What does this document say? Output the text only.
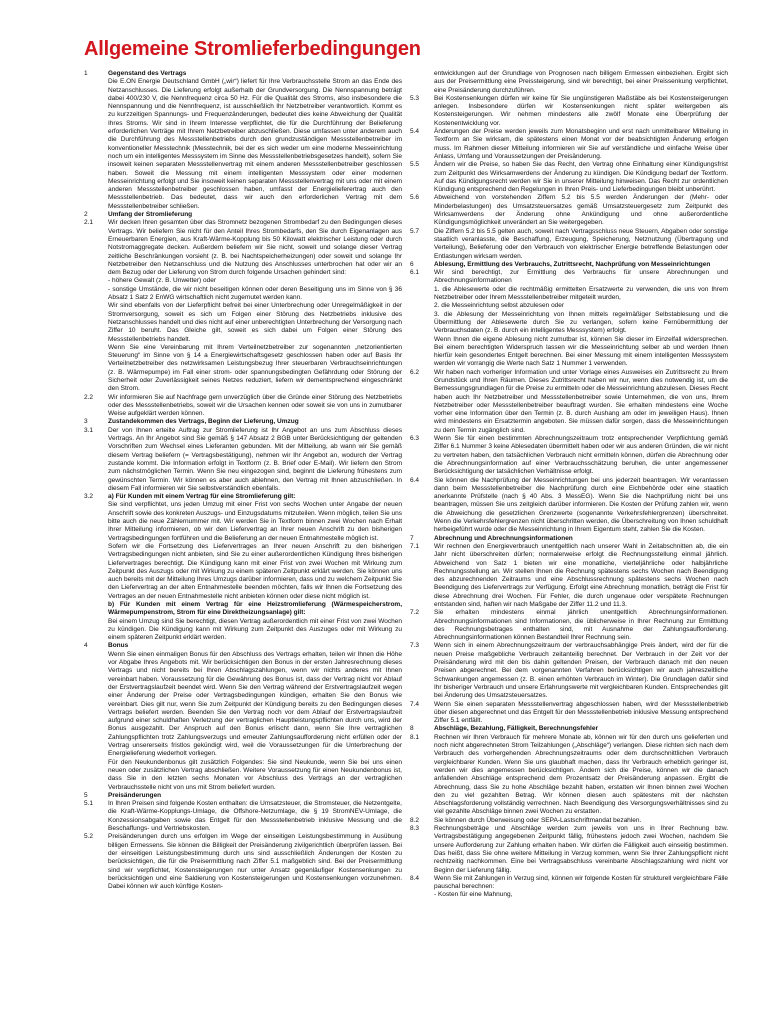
Allgemeine Stromlieferbedingungen
1	Gegenstand des Vertrags

Die E.ON Energie Deutschland GmbH („wir“) liefert für Ihre Verbrauchsstelle Strom an das Ende des Netzanschlusses. Die Lieferung erfolgt außerhalb der Grundversorgung. Die Nennspannung beträgt dabei 400/230 V, die Nennfrequenz circa 50 Hz. Für die Qualität des Stroms, also insbesondere die Nennspannung und die Nennfrequenz, ist ausschließlich Ihr Netzbetreiber verantwortlich. Kommt es zu kurzzeitigen Spannungs- und Frequenzänderungen, bedeutet dies keine Abweichung der Qualität Ihres Stroms. Wir sind in Ihrem Interesse verpflichtet, die für die Durchführung der Belieferung erforderlichen Verträge mit Ihrem Netzbetreiber abzuschließen. Diese umfassen unter anderem auch die Durchführung des Messstellenbetriebs durch den grundzuständigen Messstellenbetreiber im konventioneller Messtechnik (Messtechnik, bei der es sich weder um eine moderne Messeinrichtung noch um ein intelligentes Messsystem im Sinne des Messstellenbetriebsgesetzes handelt), sofern Sie insoweit keinen separaten Messstellenvertrag mit einem anderen Messstellenbetreiber geschlossen haben. Soweit die Messung mit einem intelligenten Messsystem oder einer modernen Messeinrichtung erfolgt und Sie insoweit keinen separaten Messstellenvertrag mit uns oder mit einem anderen Messstellenbetreiber geschlossen haben, umfasst der Energielieferertrag auch den Messstellenbetrieb. Das bedeutet, dass wir auch den erforderlichen Vertrag mit dem Messstellenbetreiber schließen.

2	Umfang der Stromlieferung

2.1	Wir decken Ihren gesamten über das Stromnetz bezogenen Strombedarf zu den Bedingungen dieses Vertrags. Wir beliefern Sie nicht für den Anteil Ihres Strombedarfs, den Sie durch Eigenanlagen aus Erneuerbaren Energien, aus Kraft-Wärme-Kopplung bis 50 Kilowatt elektrischer Leistung oder durch Notstromaggregate decken. Außerdem beliefern wir Sie nicht, soweit und solange dieser Vertrag zeitliche Beschränkungen vorsieht (z. B. bei Nachtspeicherheizungen) oder soweit und solange Ihr Netzbetreiber den Netzanschluss und die Nutzung des Anschlusses unterbrochen hat oder wir an dem Bezug oder der Lieferung von Strom durch folgende Ursachen gehindert sind:

- höhere Gewalt (z. B. Unwetter) oder

- sonstige Umstände, die wir nicht beseitigen können oder deren Beseitigung uns im Sinne von § 36 Absatz 1 Satz 2 EnWG wirtschaftlich nicht zugemutet werden kann.

Wir sind ebenfalls von der Lieferpflicht befreit bei einer Unterbrechung oder Unregelmäßigkeit in der Stromversorgung, soweit es sich um Folgen einer Störung des Netzbetriebs inklusive des Netzanschlusses handelt und dies nicht auf einer unberechtigten Unterbrechung der Versorgung nach Ziffer 10 beruht. Das Gleiche gilt, soweit es sich dabei um Folgen einer Störung des Messstellenbetriebs handelt.

Wenn Sie eine Vereinbarung mit Ihrem Verteilnetzbetreiber zur sogenannten „netzorientierten Steuerung“ im Sinne von § 14 a Energiewirtschaftsgesetz geschlossen haben oder auf Basis Ihr Verteilnetzbetreiber des netzwirksamen Leistungsbezug Ihrer steuerbaren Verbrauchseinrichtungen (z. B. Wärmepumpe) im Fall einer strom- oder spannungsbedingten Gefährdung oder Störung der Sicherheit oder Zuverlässigkeit seines Netzes reduziert, liefern wir dementsprechend eingeschränkt den Strom.

2.2	Wir informieren Sie auf Nachfrage gern unverzüglich über die Gründe einer Störung des Netzbetriebs oder des Messstellenbetriebs, soweit wir die Ursachen kennen oder soweit sie von uns in zumutbarer Weise aufgeklärt werden können.

3	Zustandekommen des Vertrags, Beginn der Lieferung, Umzug

3.1	Der von Ihnen erteilte Auftrag zur Stromlieferung ist Ihr Angebot an uns zum Abschluss dieses Vertrags. An Ihr Angebot sind Sie gemäß § 147 Absatz 2 BGB unter Berücksichtigung der geltenden Vorschriften zum Wechsel eines Lieferanten gebunden. Mit der Mitteilung, ab wann wir Sie gemäß diesem Vertrag beliefern (= Vertragsbestätigung), nehmen wir Ihr Angebot an, wodurch der Vertrag zustande kommt. Die Information erfolgt in Textform (z. B. Brief oder E-Mail). Wir liefern den Strom zum nächstmöglichen Termin. Wenn Sie neu eingezogen sind, beginnt die Lieferung frühestens zum gewünschten Termin. Wir können es aber auch ablehnen, den Vertrag mit Ihnen abzuschließen. In diesem Fall informieren wir Sie selbstverständlich ebenfalls.

3.2	a) Für Kunden mit einem Vertrag für eine Stromlieferung gilt:

Sie sind verpflichtet, uns jeden Umzug mit einer Frist von sechs Wochen unter Angabe der neuen Anschrift sowie des konkreten Auszugs- und Einzugsdatums mitzuteilen. Wenn möglich, teilen Sie uns bitte auch die neue Zählernummer mit. Wir werden Sie in Textform binnen zwei Wochen nach Erhalt Ihrer Mitteilung informieren, ob wir den Liefervertrag an Ihrer neuen Anschrift zu den bisherigen Vertragsbedingungen fortführen und die Belieferung an der neuen Entnahmestelle möglich ist.

Sofern wir die Fortsetzung des Liefervertrages an Ihrer neuen Anschrift zu den bisherigen Vertragsbedingungen nicht anbieten, sind Sie zu einer außerordentlichen Kündigung Ihres bisherigen Liefervertrages berechtigt. Die Kündigung kann mit einer Frist von zwei Wochen mit Wirkung zum Zeitpunkt des Auszugs oder mit Wirkung zu einem späteren Zeitpunkt erklärt werden. Sie können uns auch bereits mit der Mitteilung Ihres Umzugs darüber informieren, dass und zu welchem Zeitpunkt Sie den Liefervertrag an der alten Entnahmestelle beenden möchten, falls wir Ihnen die Fortsetzung des Vertrages an der neuen Entnahmestelle nicht anbieten können oder diese nicht möglich ist.

b) Für Kunden mit einem Vertrag für eine Heizstromlieferung (Wärmespeicherstrom, Wärmepumpenstrom, Strom für eine Direktheizungsanlage) gilt:

Bei einem Umzug sind Sie berechtigt, diesen Vertrag außerordentlich mit einer Frist von zwei Wochen zu kündigen. Die Kündigung kann mit Wirkung zum Zeitpunkt des Auszuges oder mit Wirkung zu einem späteren Zeitpunkt erklärt werden.

4	Bonus

Wenn Sie einen einmaligen Bonus für den Abschluss des Vertrags erhalten, teilen wir Ihnen die Höhe vor Abgabe Ihres Angebots mit. Wir berücksichtigen den Bonus in der ersten Jahresrechnung dieses Vertrags und nicht bereits bei Ihren Abschlagszahlungen, wenn wir nichts anderes mit Ihnen vereinbart haben. Voraussetzung für die Gewährung des Bonus ist, dass der Vertrag nicht vor Ablauf der Erstvertragslaufzeit beendet wird. Wenn Sie den Vertrag während der Erstvertragslaufzeit wegen einer Änderung der Preise oder Vertragsbedingungen kündigen, erhalten Sie den Bonus wie vereinbart. Dies gilt nur, wenn Sie zum Zeitpunkt der Kündigung bereits zu den Bedingungen dieses Vertrags beliefert werden. Beenden Sie den Vertrag noch vor dem Ablauf der Erstvertragslaufzeit aufgrund einer schuldhaften Verletzung der vertraglichen Hauptleistungspflichten durch uns, wird der Bonus ausgezahlt. Der Anspruch auf den Bonus erlischt dann, wenn Sie Ihre vertraglichen Zahlungspflichten trotz Zahlungsverzugs und erneuter Zahlungsaufforderung nicht erfüllen oder der Vertrag unsererseits fristlos gekündigt wird, weil die Voraussetzungen für die Unterbrechung der Energielieferung wiederholt vorliegen.

Für den Neukundenbonus gilt zusätzlich Folgendes: Sie sind Neukunde, wenn Sie bei uns einen neuen oder zusätzlichen Vertrag abschließen. Weitere Voraussetzung für einen Neukundenbonus ist, dass Sie in den letzten sechs Monaten vor Abschluss des Vertrags an der vertraglichen Verbrauchsstelle nicht von uns mit Strom beliefert wurden.

5	Preisänderungen

5.1	In Ihren Preisen sind folgende Kosten enthalten: die Umsatzsteuer, die Stromsteuer, die Netzentgelte, die Kraft-Wärme-Kopplungs-Umlage, die Offshore-Netzumlage, die § 19 StromNEV-Umlage, die Konzessionsabgaben sowie das Entgelt für den Messstellenbetrieb inklusive Messung und die Beschaffungs- und Vertriebskosten.

5.2	Preisänderungen durch uns erfolgen im Wege der einseitigen Leistungsbestimmung in Ausübung billigen Ermessens. Sie können die Billigkeit der Preisänderung zivilgerichtlich überprüfen lassen. Bei der einseitigen Leistungsbestimmung durch uns sind ausschließlich Änderungen der Kosten zu berücksichtigen, die für die Preisermittlung nach Ziffer 5.1 maßgeblich sind. Bei der Preisermittlung sind wir verpflichtet, Kostensteigerungen nur unter Ansatz gegenläufiger Kostensenkungen zu berücksichtigen und eine Saldierung von Kostensteigerungen und Kostensenkungen vorzunehmen. Dabei können wir auch künftige Kosten-

entwicklungen auf der Grundlage von Prognosen nach billigem Ermessen einbeziehen. Ergibt sich aus der Preisermittlung eine Preissteigerung, sind wir berechtigt, bei einer Preissenkung verpflichtet, eine Preisänderung durchzuführen.

5.3	Bei Kostensenkungen dürfen wir keine für Sie ungünstigeren Maßstäbe als bei Kostensteigerungen anlegen. Insbesondere dürfen wir Kostensenkungen nicht später weitergeben als Kostensteigerungen. Wir nehmen mindestens alle zwölf Monate eine Überprüfung der Kostenentwicklung vor.

5.4	Änderungen der Preise werden jeweils zum Monatsbeginn und erst nach unmittelbarer Mitteilung in Textform an Sie wirksam, die spätestens einen Monat vor der beabsichtigten Änderung erfolgen muss. Im Rahmen dieser Mitteilung informieren wir Sie auf verständliche und einfache Weise über Anlass, Umfang und Voraussetzungen der Preisänderung.

5.5	Ändern wir die Preise, so haben Sie das Recht, den Vertrag ohne Einhaltung einer Kündigungsfrist zum Zeitpunkt des Wirksamwerdens der Änderung zu kündigen. Die Kündigung bedarf der Textform. Auf das Kündigungsrecht werden wir Sie in unserer Mitteilung hinweisen. Das Recht zur ordentlichen Kündigung entsprechend den Regelungen in Ihren Preis- und Lieferbedingungen bleibt unberührt.

5.6	Abweichend von vorstehenden Ziffern 5.2 bis 5.5 werden Änderungen der (Mehr- oder Minderbelastungen) des Umsatzsteuersatzes gemäß Umsatzsteuergesetz zum Zeitpunkt des Wirksamwerdens der Änderung ohne Ankündigung und ohne außerordentliche Kündigungsmöglichkeit unverändert an Sie weitergegeben.

5.7	Die Ziffern 5.2 bis 5.5 gelten auch, soweit nach Vertragsschluss neue Steuern, Abgaben oder sonstige staatlich veranlasste, die Beschaffung, Erzeugung, Speicherung, Netznutzung (Übertragung und Verteilung), Belieferung oder den Verbrauch von elektrischer Energie betreffende Belastungen oder Entlastungen wirksam werden.

6	Ablesung, Ermittlung des Verbrauchs, Zutrittsrecht, Nachprüfung von Messeinrichtungen

6.1	Wir sind berechtigt, zur Ermittlung des Verbrauchs für unsere Abrechnungen und Abrechnungsinformationen

1. die Ablesewerte oder die rechtmäßig ermittelten Ersatzwerte zu verwenden, die uns von Ihrem Netzbetreiber oder Ihrem Messstellenbetreiber mitgeteilt wurden,

2. die Messeinrichtung selbst abzulesen oder

3. die Ablesung der Messeinrichtung von Ihnen mittels regelmäßiger Selbstablesung und die Übermittlung der Ablesewerte durch Sie zu verlangen, sofern keine Fernübermittlung der Verbrauchsdaten (z. B. durch ein intelligentes Messsystem) erfolgt.

Wenn Ihnen die eigene Ablesung nicht zumutbar ist, können Sie dieser im Einzelfall widersprechen. Bei einem berechtigten Widerspruch lassen wir die Messeinrichtung selber ab und werden Ihnen hierfür kein gesondertes Entgelt berechnen. Bei einer Messung mit einem intelligenten Messsystem werden wir vorrangig die Werte nach Satz 1 Nummer 1 verwenden.

6.2	Wir haben nach vorheriger Information und unter Vorlage eines Ausweises ein Zutrittsrecht zu Ihrem Grundstück und Ihren Räumen. Dieses Zutrittsrecht haben wir nur, wenn dies notwendig ist, um die Bemessungsgrundlagen für die Preise zu ermitteln oder die Messeinrichtung abzulesen. Dieses Recht haben auch Ihr Netzbetreiber und Messstellenbetreiber sowie Unternehmen, die von uns, Ihrem Netzbetreiber oder Messstellenbetreiber beauftragt wurden. Sie erhalten mindestens eine Woche vorher eine Information über den Termin (z. B. durch Aushang am oder im jeweiligen Haus). Ihnen wird mindestens ein Ersatztermin angeboten. Sie müssen dafür sorgen, dass die Messeinrichtungen zu dem Termin zugänglich sind.

6.3	Wenn Sie für einen bestimmten Abrechnungszeitraum trotz entsprechender Verpflichtung gemäß Ziffer 6.1 Nummer 3 keine Ablesedaten übermittelt haben oder wir aus anderen Gründen, die wir nicht zu vertreten haben, den tatsächlichen Verbrauch nicht ermitteln können, dürfen die Abrechnung oder die Abrechnungsinformation auf einer Verbrauchsschätzung beruhen, die unter angemessener Berücksichtigung der tatsächlichen Verhältnisse erfolgt.

6.4	Sie können die Nachprüfung der Messeinrichtungen bei uns jederzeit beantragen. Wir veranlassen dann beim Messstellenbetreiber die Nachprüfung durch eine Eichbehörde oder eine staatlich anerkannte Prüfstelle (nach § 40 Abs. 3 MessEG). Wenn Sie die Nachprüfung nicht bei uns beantragen, müssen Sie uns zeitgleich darüber informieren. Die Kosten der Prüfung zahlen wir, wenn die Abweichung die gesetzlichen Grenzwerte (sogenannte Verkehrsfehlergrenzen) überschreitet. Wenn die Verkehrsfehlergrenzen nicht überschritten werden, die Überschreitung von Ihnen schuldhaft herbeigeführt wurde oder die Messeinrichtung in Ihrem Eigentum steht, zahlen Sie die Kosten.

7	Abrechnung und Abrechnungsinformationen

7.1	Wir rechnen den Energieverbrauch unentgeltlich nach unserer Wahl in Zeitabschnitten ab, die ein Jahr nicht überschreiten dürfen; normalerweise erfolgt die Rechnungsstellung einmal jährlich. Abweichend von Satz 1 bieten wir eine monatliche, vierteljährliche oder halbjährliche Rechnungsstellung an. Wir stellen Ihnen die Rechnung spätestens sechs Wochen nach Beendigung des abzurechnenden Zeitraums und eine Abschlussrechnung spätestens sechs Wochen nach Beendigung des Liefervertrags zur Verfügung. Erfolgt eine Abrechnung monatlich, beträgt die Frist für diese Abrechnung drei Wochen. Für Fehler, die durch ungenaue oder verspätete Rechnungen entstanden sind, haften wir nach Maßgabe der Ziffer 11.2 und 11.3.

7.2	Sie erhalten mindestens einmal jährlich unentgeltlich Abrechnungsinformationen. Abrechnungsinformationen sind Informationen, die üblicherweise in Ihrer Rechnung zur Ermittlung des Rechnungsbetrages enthalten sind, mit Ausnahme der Zahlungsaufforderung. Abrechnungsinformationen können Bestandteil Ihrer Rechnung sein.

7.3	Wenn sich in einem Abrechnungszeitraum der verbrauchsabhängige Preis ändert, wird der für die neuen Preise maßgebliche Verbrauch zeitanteilig berechnet. Der Verbrauch in der Zeit vor der Preisänderung wird mit den bis dahin geltenden Preisen, der Verbrauch danach mit den neuen Preisen abgerechnet. Bei dem vorgenannten Verfahren berücksichtigen wir auch jahreszeitliche Schwankungen angemessen (z. B. einen erhöhten Verbrauch im Winter). Die Grundlagen dafür sind Ihr bisheriger Verbrauch und unsere Erfahrungswerte mit vergleichbaren Kunden. Entsprechendes gilt bei Änderung des Umsatzsteuersatzes.

7.4	Wenn Sie einen separaten Messstellenvertrag abgeschlossen haben, wird der Messstellenbetrieb über diesen abgerechnet und das Entgelt für den Messstellenbetrieb inklusive Messung entsprechend Ziffer 5.1 entfällt.

8	Abschläge, Bezahlung, Fälligkeit, Berechnungsfehler

8.1	Rechnen wir Ihren Verbrauch für mehrere Monate ab, können wir für den durch uns gelieferten und noch nicht abgerechneten Strom Teilzahlungen („Abschläge“) verlangen. Diese richten sich nach dem Verbrauch des vorhergehenden Abrechnungszeitraums oder dem durchschnittlichen Verbrauch vergleichbarer Kunden. Wenn Sie uns glaubhaft machen, dass Ihr Verbrauch erheblich geringer ist, werden wir dies angemessen berücksichtigen. Ändern sich die Preise, können wir die danach anfallenden Abschläge entsprechend dem Prozentsatz der Preisänderung anpassen. Ergibt die Abrechnung, dass Sie zu hohe Abschläge bezahlt haben, erstatten wir Ihnen binnen zwei Wochen den zu viel gezahlten Betrag. Wir können diesen auch spätestens mit der nächsten Abschlagsforderung vollständig verrechnen. Nach Beendigung des Versorgungsverhältnisses sind zu viel gezahlte Abschläge binnen zwei Wochen zu erstatten.

8.2	Sie können durch Überweisung oder SEPA-Lastschriftmandat bezahlen.

8.3	Rechnungsbeträge und Abschläge werden zum jeweils von uns in Ihrer Rechnung bzw. Vertragsbestätigung angegebenen Zeitpunkt fällig, frühestens jedoch zwei Wochen, nachdem Sie unsere Aufforderung zur Zahlung erhalten haben. Wir dürfen die Fälligkeit auch einseitig bestimmen. Das heißt, dass Sie ohne weitere Mitteilung in Verzug kommen, wenn Sie Ihrer Zahlungspflicht nicht rechtzeitig nachkommen. Eine bei Vertragsabschluss vereinbarte Abschlagszahlung wird nicht vor Beginn der Lieferung fällig.

8.4	Wenn Sie mit Zahlungen in Verzug sind, können wir folgende Kosten für strukturell vergleichbare Fälle pauschal berechnen:

- Kosten für eine Mahnung,
